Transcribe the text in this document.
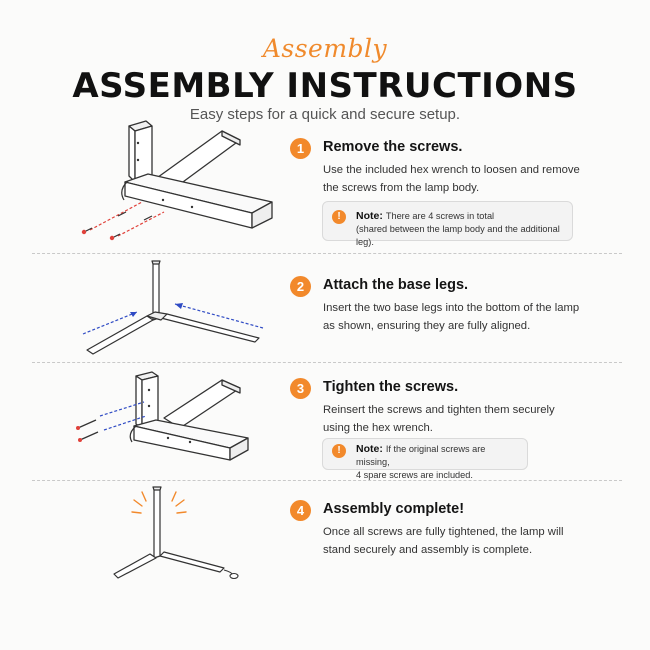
Assembly
ASSEMBLY INSTRUCTIONS
Easy steps for a quick and secure setup.
1	Remove the screws.
Use the included hex wrench to loosen and remove the screws from the lamp body.
!	Note: There are 4 screws in total
(shared between the lamp body and the additional leg).
2	Attach the base legs.
Insert the two base legs into the bottom of the lamp as shown, ensuring they are fully aligned.
3	Tighten the screws.
Reinsert the screws and tighten them securely using the hex wrench.
!	Note: If the original screws are missing,
4 spare screws are included.
4	Assembly complete!
Once all screws are fully tightened, the lamp will stand securely and assembly is complete.
